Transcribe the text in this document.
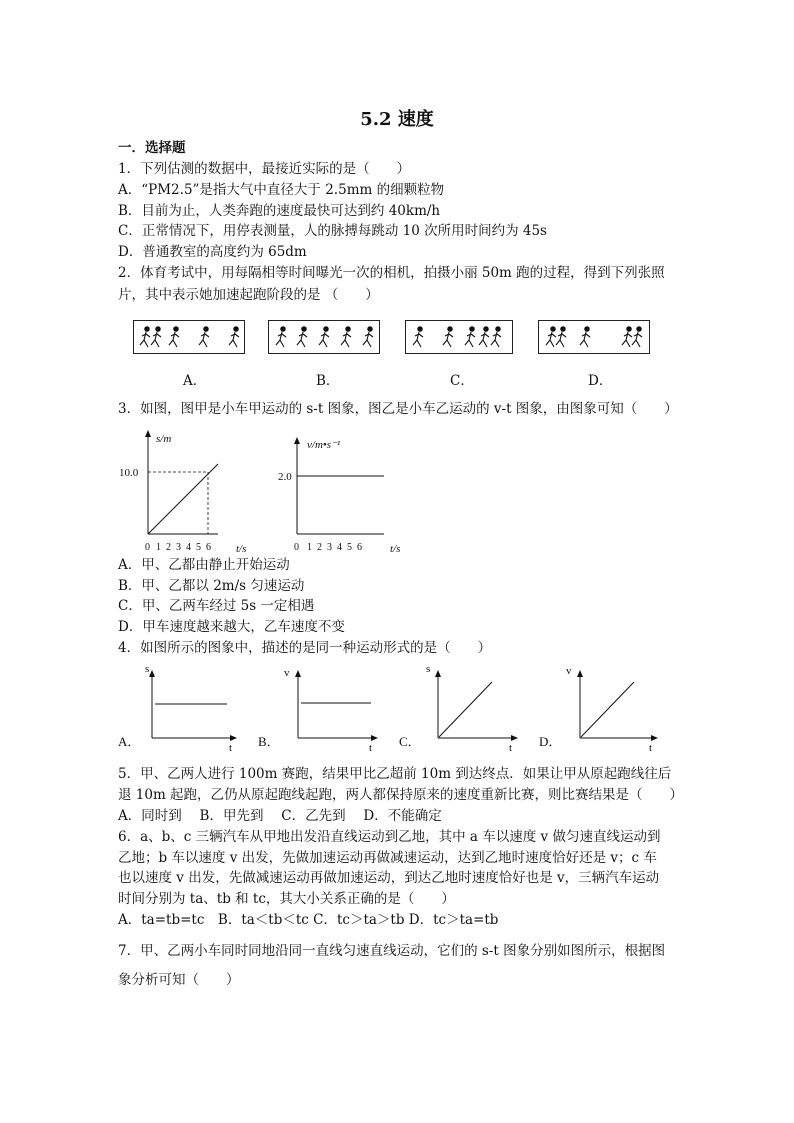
5.2 速度
一．选择题
1．下列估测的数据中，最接近实际的是（　　）
A．“PM2.5”是指大气中直径大于 2.5mm 的细颗粒物
B．目前为止，人类奔跑的速度最快可达到约 40km/h
C．正常情况下，用停表测量，人的脉搏每跳动 10 次所用时间约为 45s
D．普通教室的高度约为 65dm
2．体育考试中，用每隔相等时间曝光一次的相机，拍摄小丽 50m 跑的过程，得到下列张照
片，其中表示她加速起跑阶段的是 （　　）
A．	B．	C．	D．
3．如图，图甲是小车甲运动的 s-t 图象，图乙是小车乙运动的 v-t 图象，由图象可知（　　）
s/m
10.0
0 1 2 3 4 5 6 t/s
v/m•s⁻¹
2.0
0 1 2 3 4 5 6	t/s
A．甲、乙都由静止开始运动
B．甲、乙都以 2m/s 匀速运动
C．甲、乙两车经过 5s 一定相遇
D．甲车速度越来越大，乙车速度不变
4．如图所示的图象中，描述的是同一种运动形式的是（　　）
A．
s
t B．
v
t C．
s
t D．
v
t
5．甲、乙两人进行 100m 赛跑，结果甲比乙超前 10m 到达终点．如果让甲从原起跑线往后
退 10m 起跑，乙仍从原起跑线起跑，两人都保持原来的速度重新比赛，则比赛结果是（　　）
A．同时到　 B．甲先到　 C．乙先到　 D．不能确定
6．a、b、c 三辆汽车从甲地出发沿直线运动到乙地，其中 a 车以速度 v 做匀速直线运动到
乙地；b 车以速度 v 出发，先做加速运动再做减速运动，达到乙地时速度恰好还是 v；c 车
也以速度 v 出发，先做减速运动再做加速运动，到达乙地时速度恰好也是 v，三辆汽车运动
时间分别为 ta、tb 和 tc，其大小关系正确的是（　　）
A．ta=tb=tc　B．ta＜tb＜tc C．tc＞ta＞tb D．tc＞ta=tb
7．甲、乙两小车同时同地沿同一直线匀速直线运动，它们的 s-t 图象分别如图所示，根据图
象分析可知（　　）
